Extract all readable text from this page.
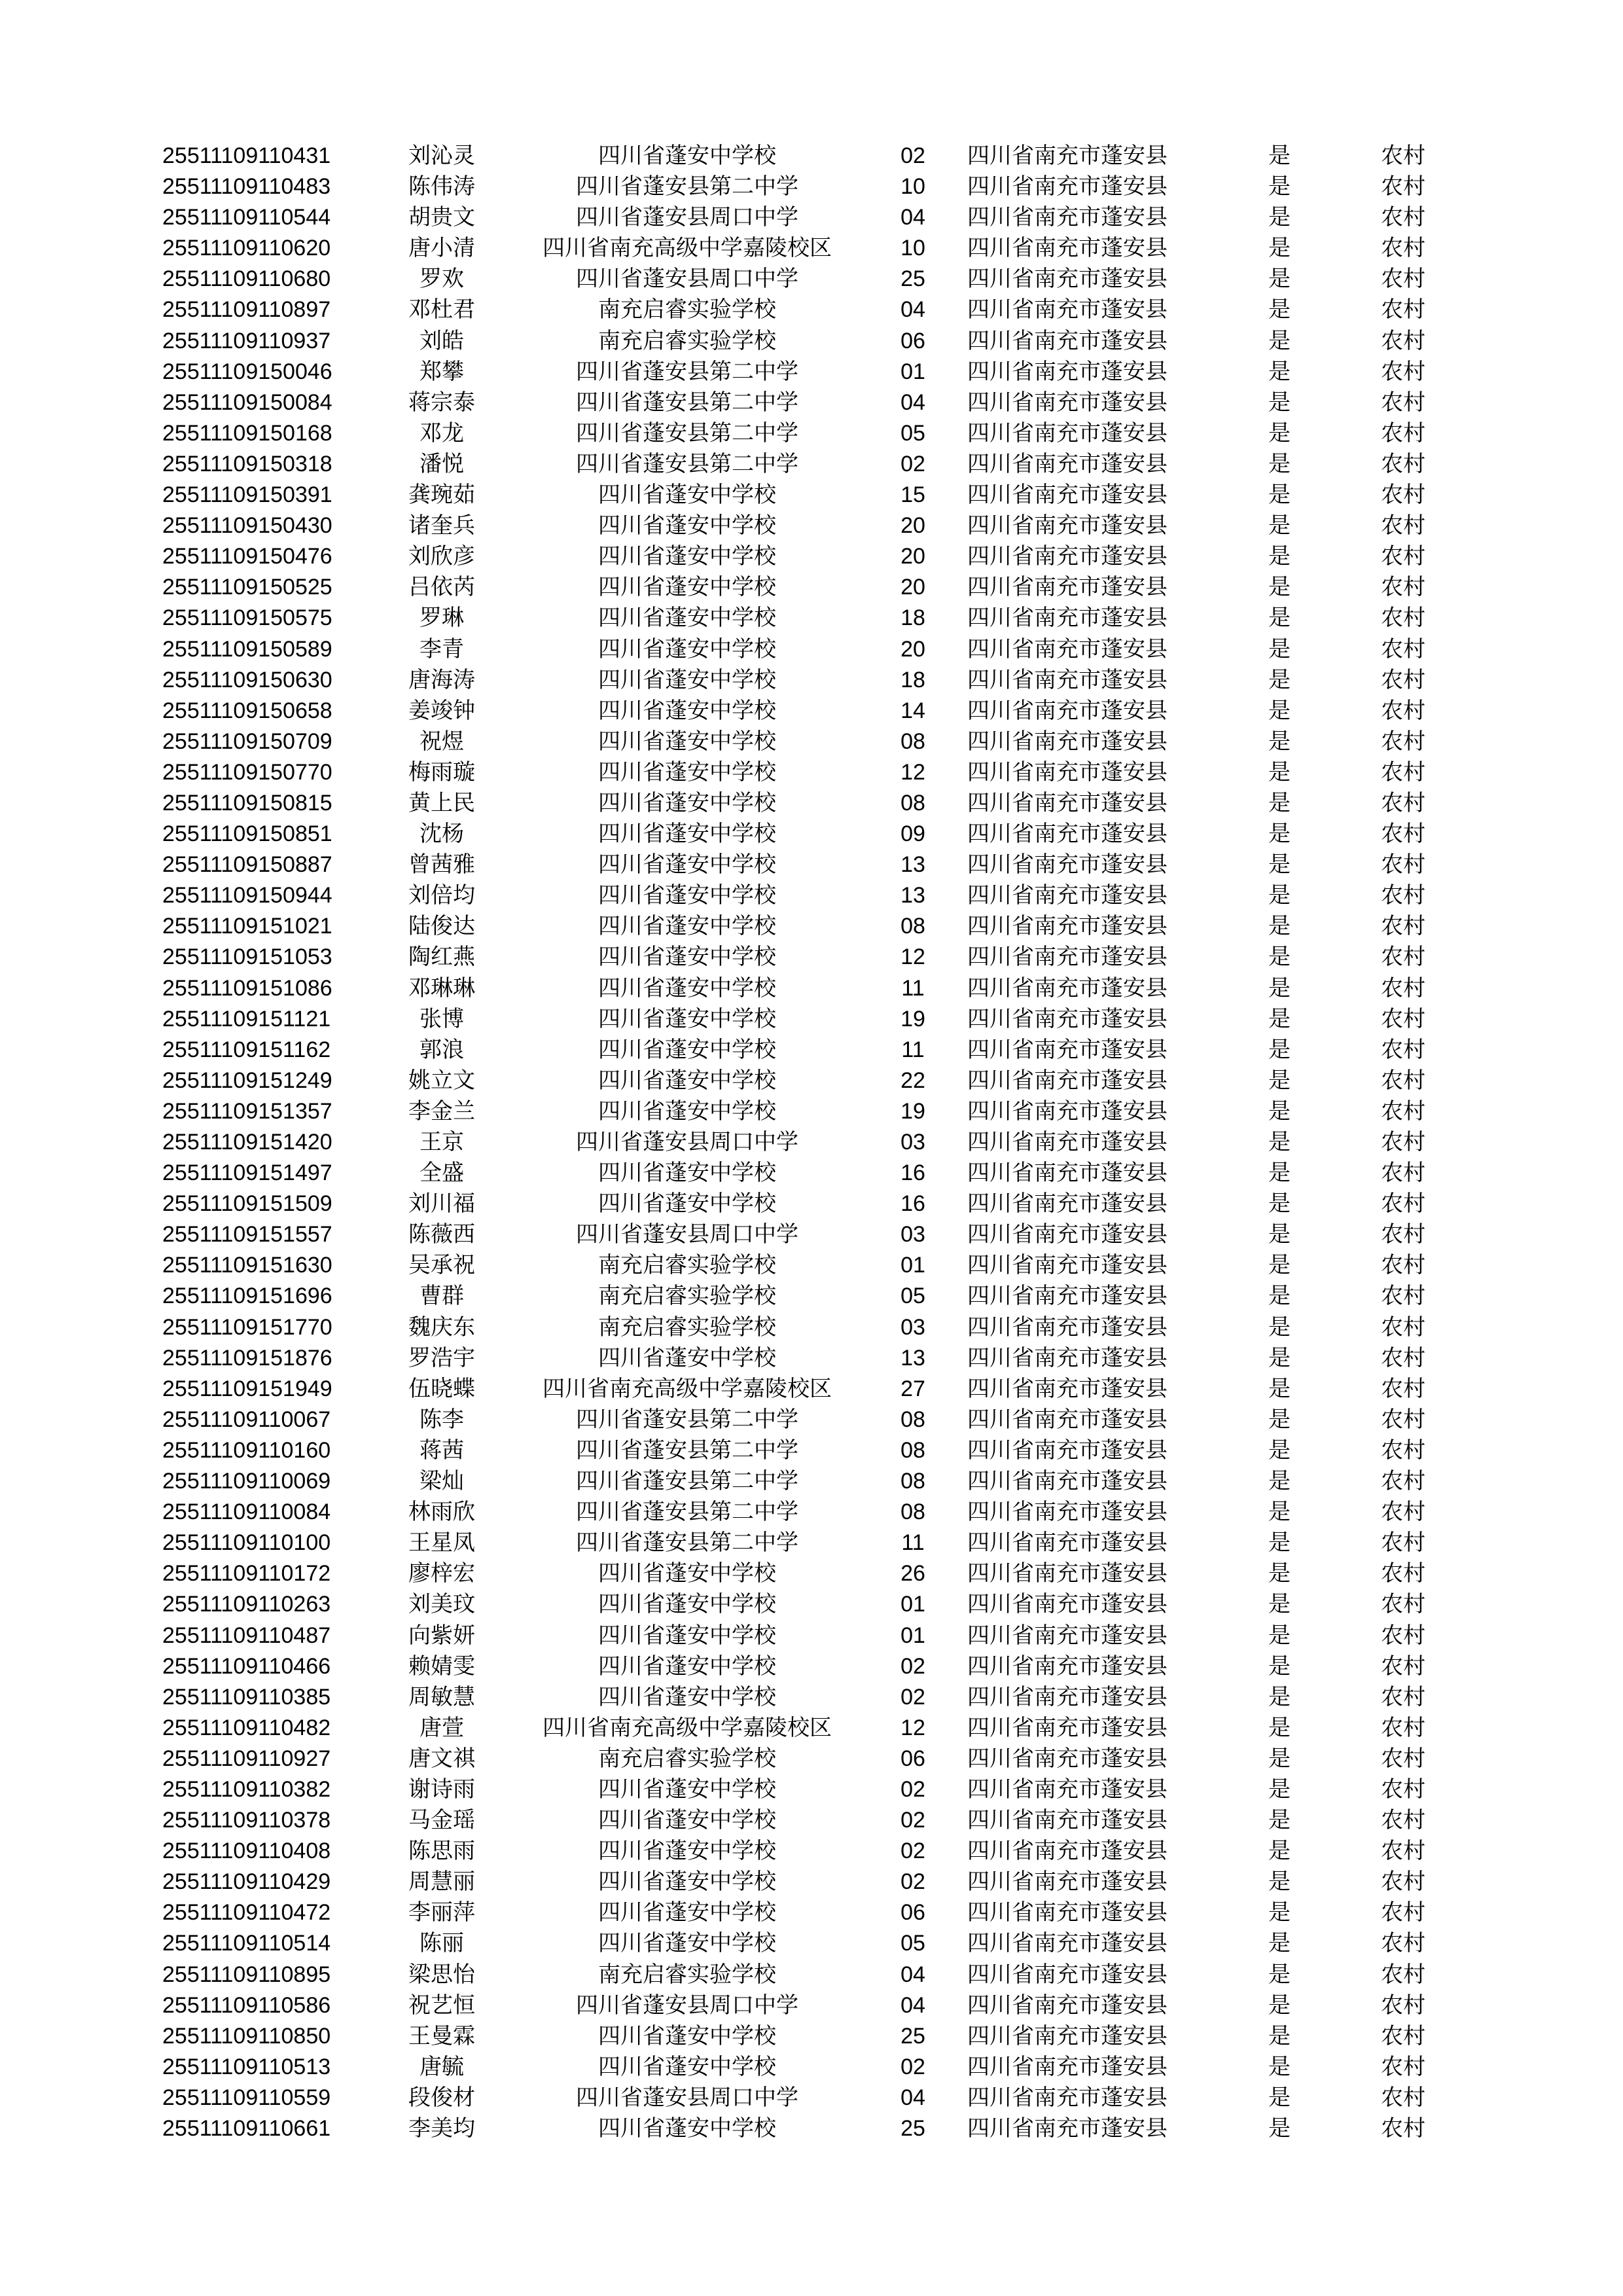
25511109110431	刘沁灵	四川省蓬安中学校	02	四川省南充市蓬安县	是	农村
25511109110483	陈伟涛	四川省蓬安县第二中学	10	四川省南充市蓬安县	是	农村
25511109110544	胡贵文	四川省蓬安县周口中学	04	四川省南充市蓬安县	是	农村
25511109110620	唐小清	四川省南充高级中学嘉陵校区	10	四川省南充市蓬安县	是	农村
25511109110680	罗欢	四川省蓬安县周口中学	25	四川省南充市蓬安县	是	农村
25511109110897	邓杜君	南充启睿实验学校	04	四川省南充市蓬安县	是	农村
25511109110937	刘皓	南充启睿实验学校	06	四川省南充市蓬安县	是	农村
25511109150046	郑攀	四川省蓬安县第二中学	01	四川省南充市蓬安县	是	农村
25511109150084	蒋宗泰	四川省蓬安县第二中学	04	四川省南充市蓬安县	是	农村
25511109150168	邓龙	四川省蓬安县第二中学	05	四川省南充市蓬安县	是	农村
25511109150318	潘悦	四川省蓬安县第二中学	02	四川省南充市蓬安县	是	农村
25511109150391	龚琬茹	四川省蓬安中学校	15	四川省南充市蓬安县	是	农村
25511109150430	诸奎兵	四川省蓬安中学校	20	四川省南充市蓬安县	是	农村
25511109150476	刘欣彦	四川省蓬安中学校	20	四川省南充市蓬安县	是	农村
25511109150525	吕依芮	四川省蓬安中学校	20	四川省南充市蓬安县	是	农村
25511109150575	罗琳	四川省蓬安中学校	18	四川省南充市蓬安县	是	农村
25511109150589	李青	四川省蓬安中学校	20	四川省南充市蓬安县	是	农村
25511109150630	唐海涛	四川省蓬安中学校	18	四川省南充市蓬安县	是	农村
25511109150658	姜竣钟	四川省蓬安中学校	14	四川省南充市蓬安县	是	农村
25511109150709	祝煜	四川省蓬安中学校	08	四川省南充市蓬安县	是	农村
25511109150770	梅雨璇	四川省蓬安中学校	12	四川省南充市蓬安县	是	农村
25511109150815	黄上民	四川省蓬安中学校	08	四川省南充市蓬安县	是	农村
25511109150851	沈杨	四川省蓬安中学校	09	四川省南充市蓬安县	是	农村
25511109150887	曾茜雅	四川省蓬安中学校	13	四川省南充市蓬安县	是	农村
25511109150944	刘倍均	四川省蓬安中学校	13	四川省南充市蓬安县	是	农村
25511109151021	陆俊达	四川省蓬安中学校	08	四川省南充市蓬安县	是	农村
25511109151053	陶红燕	四川省蓬安中学校	12	四川省南充市蓬安县	是	农村
25511109151086	邓琳琳	四川省蓬安中学校	11	四川省南充市蓬安县	是	农村
25511109151121	张博	四川省蓬安中学校	19	四川省南充市蓬安县	是	农村
25511109151162	郭浪	四川省蓬安中学校	11	四川省南充市蓬安县	是	农村
25511109151249	姚立文	四川省蓬安中学校	22	四川省南充市蓬安县	是	农村
25511109151357	李金兰	四川省蓬安中学校	19	四川省南充市蓬安县	是	农村
25511109151420	王京	四川省蓬安县周口中学	03	四川省南充市蓬安县	是	农村
25511109151497	全盛	四川省蓬安中学校	16	四川省南充市蓬安县	是	农村
25511109151509	刘川福	四川省蓬安中学校	16	四川省南充市蓬安县	是	农村
25511109151557	陈薇西	四川省蓬安县周口中学	03	四川省南充市蓬安县	是	农村
25511109151630	吴承祝	南充启睿实验学校	01	四川省南充市蓬安县	是	农村
25511109151696	曹群	南充启睿实验学校	05	四川省南充市蓬安县	是	农村
25511109151770	魏庆东	南充启睿实验学校	03	四川省南充市蓬安县	是	农村
25511109151876	罗浩宇	四川省蓬安中学校	13	四川省南充市蓬安县	是	农村
25511109151949	伍晓蝶	四川省南充高级中学嘉陵校区	27	四川省南充市蓬安县	是	农村
25511109110067	陈李	四川省蓬安县第二中学	08	四川省南充市蓬安县	是	农村
25511109110160	蒋茜	四川省蓬安县第二中学	08	四川省南充市蓬安县	是	农村
25511109110069	梁灿	四川省蓬安县第二中学	08	四川省南充市蓬安县	是	农村
25511109110084	林雨欣	四川省蓬安县第二中学	08	四川省南充市蓬安县	是	农村
25511109110100	王星凤	四川省蓬安县第二中学	11	四川省南充市蓬安县	是	农村
25511109110172	廖梓宏	四川省蓬安中学校	26	四川省南充市蓬安县	是	农村
25511109110263	刘美玟	四川省蓬安中学校	01	四川省南充市蓬安县	是	农村
25511109110487	向紫妍	四川省蓬安中学校	01	四川省南充市蓬安县	是	农村
25511109110466	赖婧雯	四川省蓬安中学校	02	四川省南充市蓬安县	是	农村
25511109110385	周敏慧	四川省蓬安中学校	02	四川省南充市蓬安县	是	农村
25511109110482	唐萱	四川省南充高级中学嘉陵校区	12	四川省南充市蓬安县	是	农村
25511109110927	唐文祺	南充启睿实验学校	06	四川省南充市蓬安县	是	农村
25511109110382	谢诗雨	四川省蓬安中学校	02	四川省南充市蓬安县	是	农村
25511109110378	马金瑶	四川省蓬安中学校	02	四川省南充市蓬安县	是	农村
25511109110408	陈思雨	四川省蓬安中学校	02	四川省南充市蓬安县	是	农村
25511109110429	周慧丽	四川省蓬安中学校	02	四川省南充市蓬安县	是	农村
25511109110472	李丽萍	四川省蓬安中学校	06	四川省南充市蓬安县	是	农村
25511109110514	陈丽	四川省蓬安中学校	05	四川省南充市蓬安县	是	农村
25511109110895	梁思怡	南充启睿实验学校	04	四川省南充市蓬安县	是	农村
25511109110586	祝艺恒	四川省蓬安县周口中学	04	四川省南充市蓬安县	是	农村
25511109110850	王曼霖	四川省蓬安中学校	25	四川省南充市蓬安县	是	农村
25511109110513	唐毓	四川省蓬安中学校	02	四川省南充市蓬安县	是	农村
25511109110559	段俊材	四川省蓬安县周口中学	04	四川省南充市蓬安县	是	农村
25511109110661	李美均	四川省蓬安中学校	25	四川省南充市蓬安县	是	农村
